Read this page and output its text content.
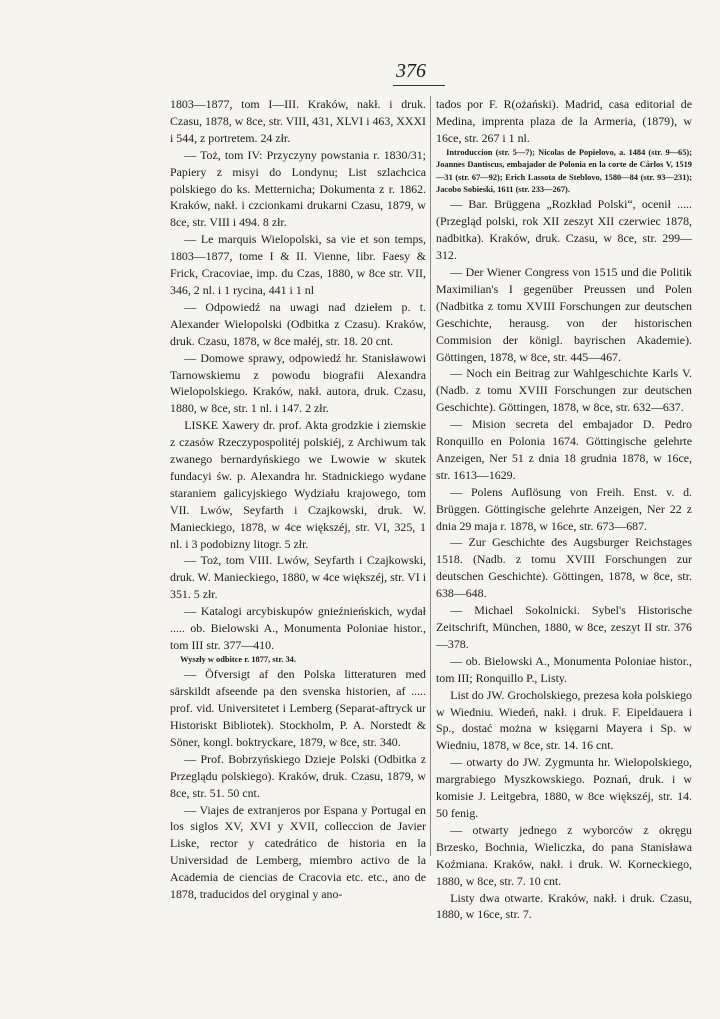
376

1803—1877, tom I—III. Kraków, nakł. i druk. Czasu, 1878, w 8ce, str. VIII, 431, XLVI i 463, XXXI i 544, z portretem. 24 złr.

— Toż, tom IV: Przyczyny powstania r. 1830/31; Papiery z misyi do Londynu; List szlachcica polskiego do ks. Metternicha; Dokumenta z r. 1862. Kraków, nakł. i czcionkami drukarni Czasu, 1879, w 8ce, str. VIII i 494. 8 złr.

— Le marquis Wielopolski, sa vie et son temps, 1803—1877, tome I & II. Vienne, libr. Faesy & Frick, Cracoviae, imp. du Czas, 1880, w 8ce str. VII, 346, 2 nl. i 1 rycina, 441 i 1 nl

— Odpowiedź na uwagi nad dziełem p. t. Alexander Wielopolski (Odbitka z Czasu). Kraków, druk. Czasu, 1878, w 8ce małéj, str. 18. 20 cnt.

— Domowe sprawy, odpowiedź hr. Stanisławowi Tarnowskiemu z powodu biografii Alexandra Wielopolskiego. Kraków, nakł. autora, druk. Czasu, 1880, w 8ce, str. 1 nl. i 147. 2 złr.

LISKE Xawery dr. prof. Akta grodzkie i ziemskie z czasów Rzeczypospolitéj polskiéj, z Archiwum tak zwanego bernardyńskiego we Lwowie w skutek fundacyi św. p. Alexandra hr. Stadnickiego wydane staraniem galicyjskiego Wydziału krajowego, tom VII. Lwów, Seyfarth i Czajkowski, druk. W. Manieckiego, 1878, w 4ce większéj, str. VI, 325, 1 nl. i 3 podobizny litogr. 5 złr.

— Toż, tom VIII. Lwów, Seyfarth i Czajkowski, druk. W. Manieckiego, 1880, w 4ce większéj, str. VI i 351. 5 złr.

— Katalogi arcybiskupów gnieźnieńskich, wydał ..... ob. Bielowski A., Monumenta Poloniae histor., tom III str. 377—410.

Wyszły w odbitce r. 1877, str. 34.

— Öfversigt af den Polska litteraturen med särskildt afseende pa den svenska historien, af ..... prof. vid. Universitetet i Lemberg (Separat-aftryck ur Historiskt Bibliotek). Stockholm, P. A. Norstedt & Söner, kongl. boktryckare, 1879, w 8ce, str. 340.

— Prof. Bobrzyńskiego Dzieje Polski (Odbitka z Przeglądu polskiego). Kraków, druk. Czasu, 1879, w 8ce, str. 51. 50 cnt.

— Viajes de extranjeros por Espana y Portugal en los siglos XV, XVI y XVII, colleccion de Javier Liske, rector y catedrático de historia en la Universidad de Lemberg, miembro activo de la Academia de ciencias de Cracovia etc. etc., ano de 1878, traducidos del oryginal y ano-

tados por F. R(ożański). Madrid, casa editorial de Medina, imprenta plaza de la Armeria, (1879), w 16ce, str. 267 i 1 nl.

Introduccion (str. 5—7); Nicolas de Popielovo, a. 1484 (str. 9—65); Joannes Dantiscus, embajador de Polonia en la corte de Cárlos V, 1519—31 (str. 67—92); Erich Lassota de Steblovo, 1580—84 (str. 93—231); Jacobo Sobieski, 1611 (str. 233—267).

— Bar. Brüggena „Rozkład Polski“, ocenił ..... (Przegląd polski, rok XII zeszyt XII czerwiec 1878, nadbitka). Kraków, druk. Czasu, w 8ce, str. 299—312.

— Der Wiener Congress von 1515 und die Politik Maximilian's I gegenüber Preussen und Polen (Nadbitka z tomu XVIII Forschungen zur deutschen Geschichte, herausg. von der historischen Commision der königl. bayrischen Akademie). Göttingen, 1878, w 8ce, str. 445—467.

— Noch ein Beitrag zur Wahlgeschichte Karls V. (Nadb. z tomu XVIII Forschungen zur deutschen Geschichte). Göttingen, 1878, w 8ce, str. 632—637.

— Mision secreta del embajador D. Pedro Ronquillo en Polonia 1674. Göttingische gelehrte Anzeigen, Ner 51 z dnia 18 grudnia 1878, w 16ce, str. 1613—1629.

— Polens Auflösung von Freih. Enst. v. d. Brüggen. Göttingische gelehrte Anzeigen, Ner 22 z dnia 29 maja r. 1878, w 16ce, str. 673—687.

— Zur Geschichte des Augsburger Reichstages 1518. (Nadb. z tomu XVIII Forschungen zur deutschen Geschichte). Göttingen, 1878, w 8ce, str. 638—648.

— Michael Sokolnicki. Sybel's Historische Zeitschrift, München, 1880, w 8ce, zeszyt II str. 376—378.

— ob. Bielowski A., Monumenta Poloniae histor., tom III; Ronquillo P., Listy.

List do JW. Grocholskiego, prezesa koła polskiego w Wiedniu. Wiedeń, nakł. i druk. F. Eipeldauera i Sp., dostać można w księgarni Mayera i Sp. w Wiedniu, 1878, w 8ce, str. 14. 16 cnt.

— otwarty do JW. Zygmunta hr. Wielopolskiego, margrabiego Myszkowskiego. Poznań, druk. i w komisie J. Leitgebra, 1880, w 8ce większéj, str. 14. 50 fenig.

— otwarty jednego z wyborców z okręgu Brzesko, Bochnia, Wieliczka, do pana Stanisława Koźmiana. Kraków, nakł. i druk. W. Korneckiego, 1880, w 8ce, str. 7. 10 cnt.

Listy dwa otwarte. Kraków, nakł. i druk. Czasu, 1880, w 16ce, str. 7.
